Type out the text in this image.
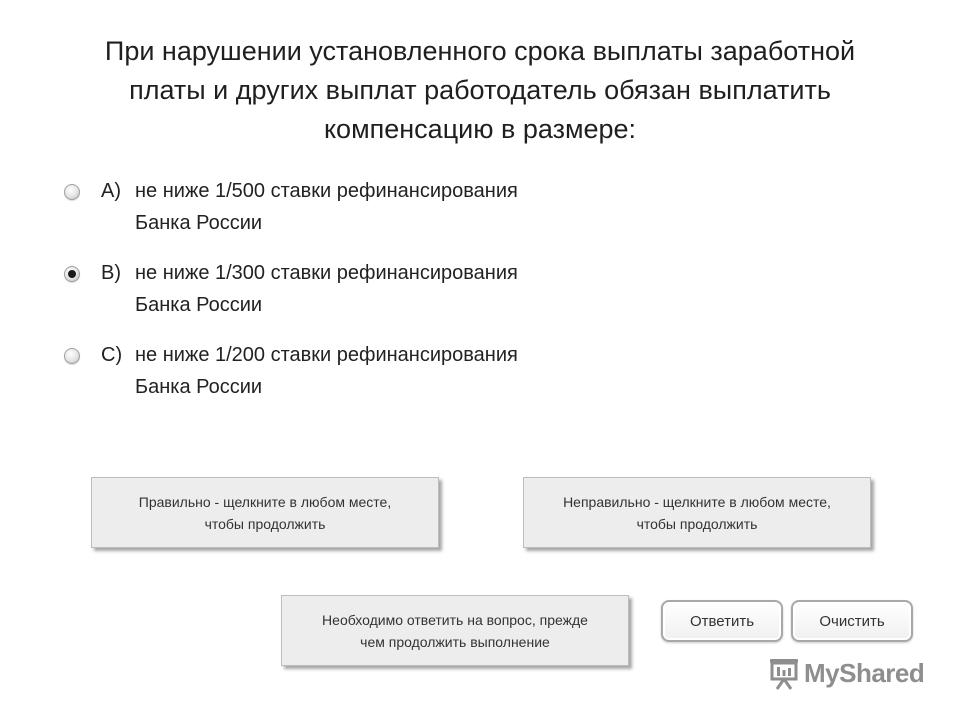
При нарушении установленного срока выплаты заработной
платы и других выплат работодатель обязан выплатить
компенсацию в размере:
А) не ниже 1/500 ставки рефинансирования
Банка России
В) не ниже 1/300 ставки рефинансирования
Банка России
С) не ниже 1/200 ставки рефинансирования
Банка России
Правильно - щелкните в любом месте,
чтобы продолжить
Неправильно - щелкните в любом месте,
чтобы продолжить
Необходимо ответить на вопрос, прежде
чем продолжить выполнение
Ответить	Очистить
MyShared
